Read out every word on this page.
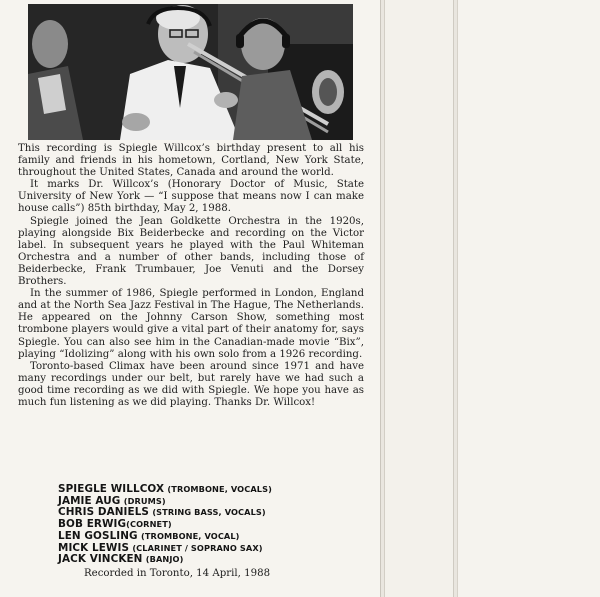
This recording is Spiegle Willcox’s birthday present to all his family and friends in his hometown, Cortland, New York State, throughout the United States, Canada and around the world.

It marks Dr. Willcox’s (Honorary Doctor of Music, State University of New York — “I suppose that means now I can make house calls”) 85th birthday, May 2, 1988.

Spiegle joined the Jean Goldkette Orchestra in the 1920s, playing alongside Bix Beiderbecke and recording on the Victor label. In subsequent years he played with the Paul Whiteman Orchestra and a number of other bands, including those of Beiderbecke, Frank Trumbauer, Joe Venuti and the Dorsey Brothers.

In the summer of 1986, Spiegle performed in London, England and at the North Sea Jazz Festival in The Hague, The Netherlands. He appeared on the Johnny Carson Show, something most trombone players would give a vital part of their anatomy for, says Spiegle. You can also see him in the Canadian-made movie “Bix”, playing “Idolizing” along with his own solo from a 1926 recording.

Toronto-based Climax have been around since 1971 and have many recordings under our belt, but rarely have we had such a good time recording as we did with Spiegle. We hope you have as much fun listening as we did playing. Thanks Dr. Willcox!

SPIEGLE WILLCOX (TROMBONE, VOCALS)
JAMIE AUG (DRUMS)
CHRIS DANIELS (STRING BASS, VOCALS)
BOB ERWIG(CORNET)
LEN GOSLING (TROMBONE, VOCAL)
MICK LEWIS (CLARINET / SOPRANO SAX)
JACK VINCKEN (BANJO)
Recorded in Toronto, 14 April, 1988
